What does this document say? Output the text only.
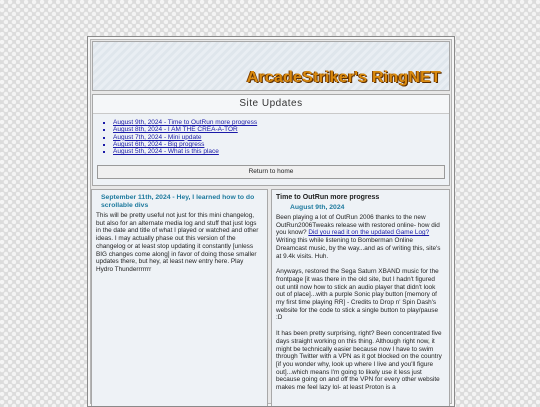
ArcadeStriker's RingNET
Site Updates
▪ August 9th, 2024 - Time to OutRun more progress
▪ August 8th, 2024 - I AM THE CREA-A-TOR
▪ August 7th, 2024 - Mini update
▪ August 6th, 2024 - Big progress
▪ August 5th, 2024 - What is this place
Return to home
September 11th, 2024 - Hey, I learned how to do scrollable divs
This will be pretty useful not just for this mini changelog, but also for an alternate media log and stuff that just logs in the date and title of what I played or watched and other ideas. I may actually phase out this version of the changelog or at least stop updating it constantly [unless BIG changes come along] in favor of doing those smaller updates there, but hey, at least new entry here. Play Hydro Thunderrrrrrr
Time to OutRun more progress
August 9th, 2024

Been playing a lot of OutRun 2006 thanks to the new OutRun2006Tweaks release with restored online- how did you know? Did you read it on the updated Game Log? Writing this while listening to Bomberman Online Dreamcast music, by the way...and as of writing this, site's at 9.4k visits. Huh.

Anyways, restored the Sega Saturn XBAND music for the frontpage [it was there in the old site, but I hadn't figured out until now how to stick an audio player that didn't look out of place]...with a purple Sonic play button [memory of my first time playing RR] - Credits to Drop n' Spin Dash's website for the code to stick a single button to play/pause :D

It has been pretty surprising, right? Been concentrated five days straight working on this thing. Although right now, it might be technically easier because now I have to swim through Twitter with a VPN as it got blocked on the country [if you wonder why, look up where I live and you'll figure out]...which means I'm going to likely use it less just because going on and off the VPN for every other website makes me feel lazy lol- at least Proton is a
